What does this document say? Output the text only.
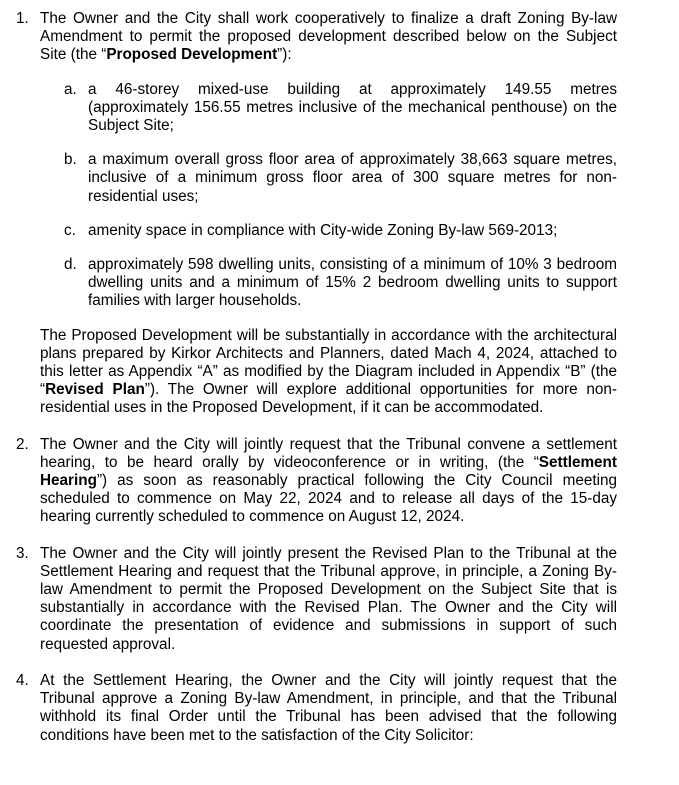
1. The Owner and the City shall work cooperatively to finalize a draft Zoning By-law Amendment to permit the proposed development described below on the Subject Site (the “Proposed Development”):
a. a 46-storey mixed-use building at approximately 149.55 metres (approximately 156.55 metres inclusive of the mechanical penthouse) on the Subject Site;
b. a maximum overall gross floor area of approximately 38,663 square metres, inclusive of a minimum gross floor area of 300 square metres for non-residential uses;
c. amenity space in compliance with City-wide Zoning By-law 569-2013;
d. approximately 598 dwelling units, consisting of a minimum of 10% 3 bedroom dwelling units and a minimum of 15% 2 bedroom dwelling units to support families with larger households.
The Proposed Development will be substantially in accordance with the architectural plans prepared by Kirkor Architects and Planners, dated Mach 4, 2024, attached to this letter as Appendix “A” as modified by the Diagram included in Appendix “B” (the “Revised Plan”). The Owner will explore additional opportunities for more non-residential uses in the Proposed Development, if it can be accommodated.
2. The Owner and the City will jointly request that the Tribunal convene a settlement hearing, to be heard orally by videoconference or in writing, (the “Settlement Hearing”) as soon as reasonably practical following the City Council meeting scheduled to commence on May 22, 2024 and to release all days of the 15-day hearing currently scheduled to commence on August 12, 2024.
3. The Owner and the City will jointly present the Revised Plan to the Tribunal at the Settlement Hearing and request that the Tribunal approve, in principle, a Zoning By-law Amendment to permit the Proposed Development on the Subject Site that is substantially in accordance with the Revised Plan. The Owner and the City will coordinate the presentation of evidence and submissions in support of such requested approval.
4. At the Settlement Hearing, the Owner and the City will jointly request that the Tribunal approve a Zoning By-law Amendment, in principle, and that the Tribunal withhold its final Order until the Tribunal has been advised that the following conditions have been met to the satisfaction of the City Solicitor:
